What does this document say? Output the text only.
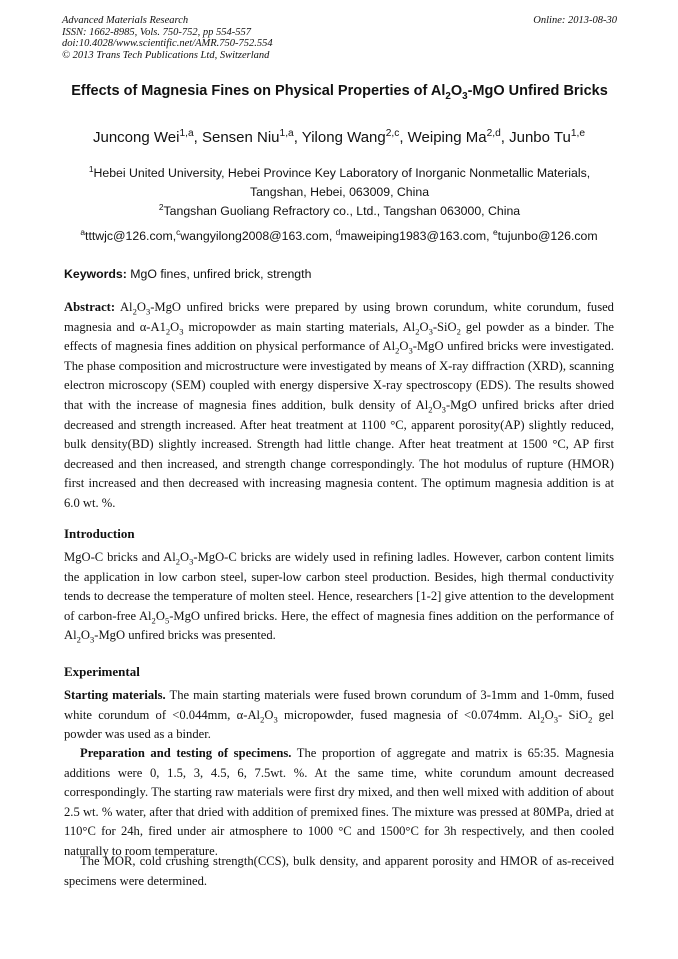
Advanced Materials Research
ISSN: 1662-8985, Vols. 750-752, pp 554-557
doi:10.4028/www.scientific.net/AMR.750-752.554
© 2013 Trans Tech Publications Ltd, Switzerland
Online: 2013-08-30
Effects of Magnesia Fines on Physical Properties of $Al_2O_3$-MgO Unfired Bricks
Juncong Wei$^{1,a}$, Sensen Niu$^{1,a}$, Yilong Wang$^{2,c}$, Weiping Ma$^{2,d}$, Junbo Tu$^{1,e}$
$^1$Hebei United University, Hebei Province Key Laboratory of Inorganic Nonmetallic Materials,
Tangshan, Hebei, 063009, China
$^2$Tangshan Guoliang Refractory co., Ltd., Tangshan 063000, China
$^a$tttwjc@126.com,$^c$wangyilong2008@163.com, $^d$maweiping1983@163.com, $^e$tujunbo@126.com
Keywords: MgO fines, unfired brick, strength
Abstract: $Al_2O_3$-MgO unfired bricks were prepared by using brown corundum, white corundum, fused magnesia and $\alpha-A1_2O_3$ micropowder as main starting materials, $Al_2O_3-SiO_2$ gel powder as a binder. The effects of magnesia fines addition on physical performance of $Al_2O_3$-MgO unfired bricks were investigated. The phase composition and microstructure were investigated by means of X-ray diffraction (XRD), scanning electron microscopy (SEM) coupled with energy dispersive X-ray spectroscopy (EDS). The results showed that with the increase of magnesia fines addition, bulk density of $Al_2O_3$-MgO unfired bricks after dried decreased and strength increased. After heat treatment at 1100 °C, apparent porosity(AP) slightly reduced, bulk density(BD) slightly increased. Strength had little change. After heat treatment at 1500 °C, AP first decreased and then increased, and strength change correspondingly. The hot modulus of rupture (HMOR) first increased and then decreased with increasing magnesia content. The optimum magnesia addition is at 6.0 wt. %.
Introduction
MgO-C bricks and $Al_2O_3-MgO-C$ bricks are widely used in refining ladles. However, carbon content limits the application in low carbon steel, super-low carbon steel production. Besides, high thermal conductivity tends to decrease the temperature of molten steel. Hence, researchers [1-2] give attention to the development of carbon-free $Al_2O_5$-MgO unfired bricks. Here, the effect of magnesia fines addition on the performance of $Al_2O_3$-MgO unfired bricks was presented.
Experimental
Starting materials. The main starting materials were fused brown corundum of 3-1mm and 1-0mm, fused white corundum of <0.044mm, $\alpha-Al_2O_3$ micropowder, fused magnesia of <0.074mm. $Al_2O_3-$ SiO$_2$ gel powder was used as a binder.
Preparation and testing of specimens. The proportion of aggregate and matrix is 65:35. Magnesia additions were 0, 1.5, 3, 4.5, 6, 7.5wt. %. At the same time, white corundum amount decreased correspondingly. The starting raw materials were first dry mixed, and then well mixed with addition of about 2.5 wt. % water, after that dried with addition of premixed fines. The mixture was pressed at 80MPa, dried at 110°C for 24h, fired under air atmosphere to 1000 °C and 1500°C for 3h respectively, and then cooled naturally to room temperature.
The MOR, cold crushing strength(CCS), bulk density, and apparent porosity and HMOR of as-received specimens were determined.
